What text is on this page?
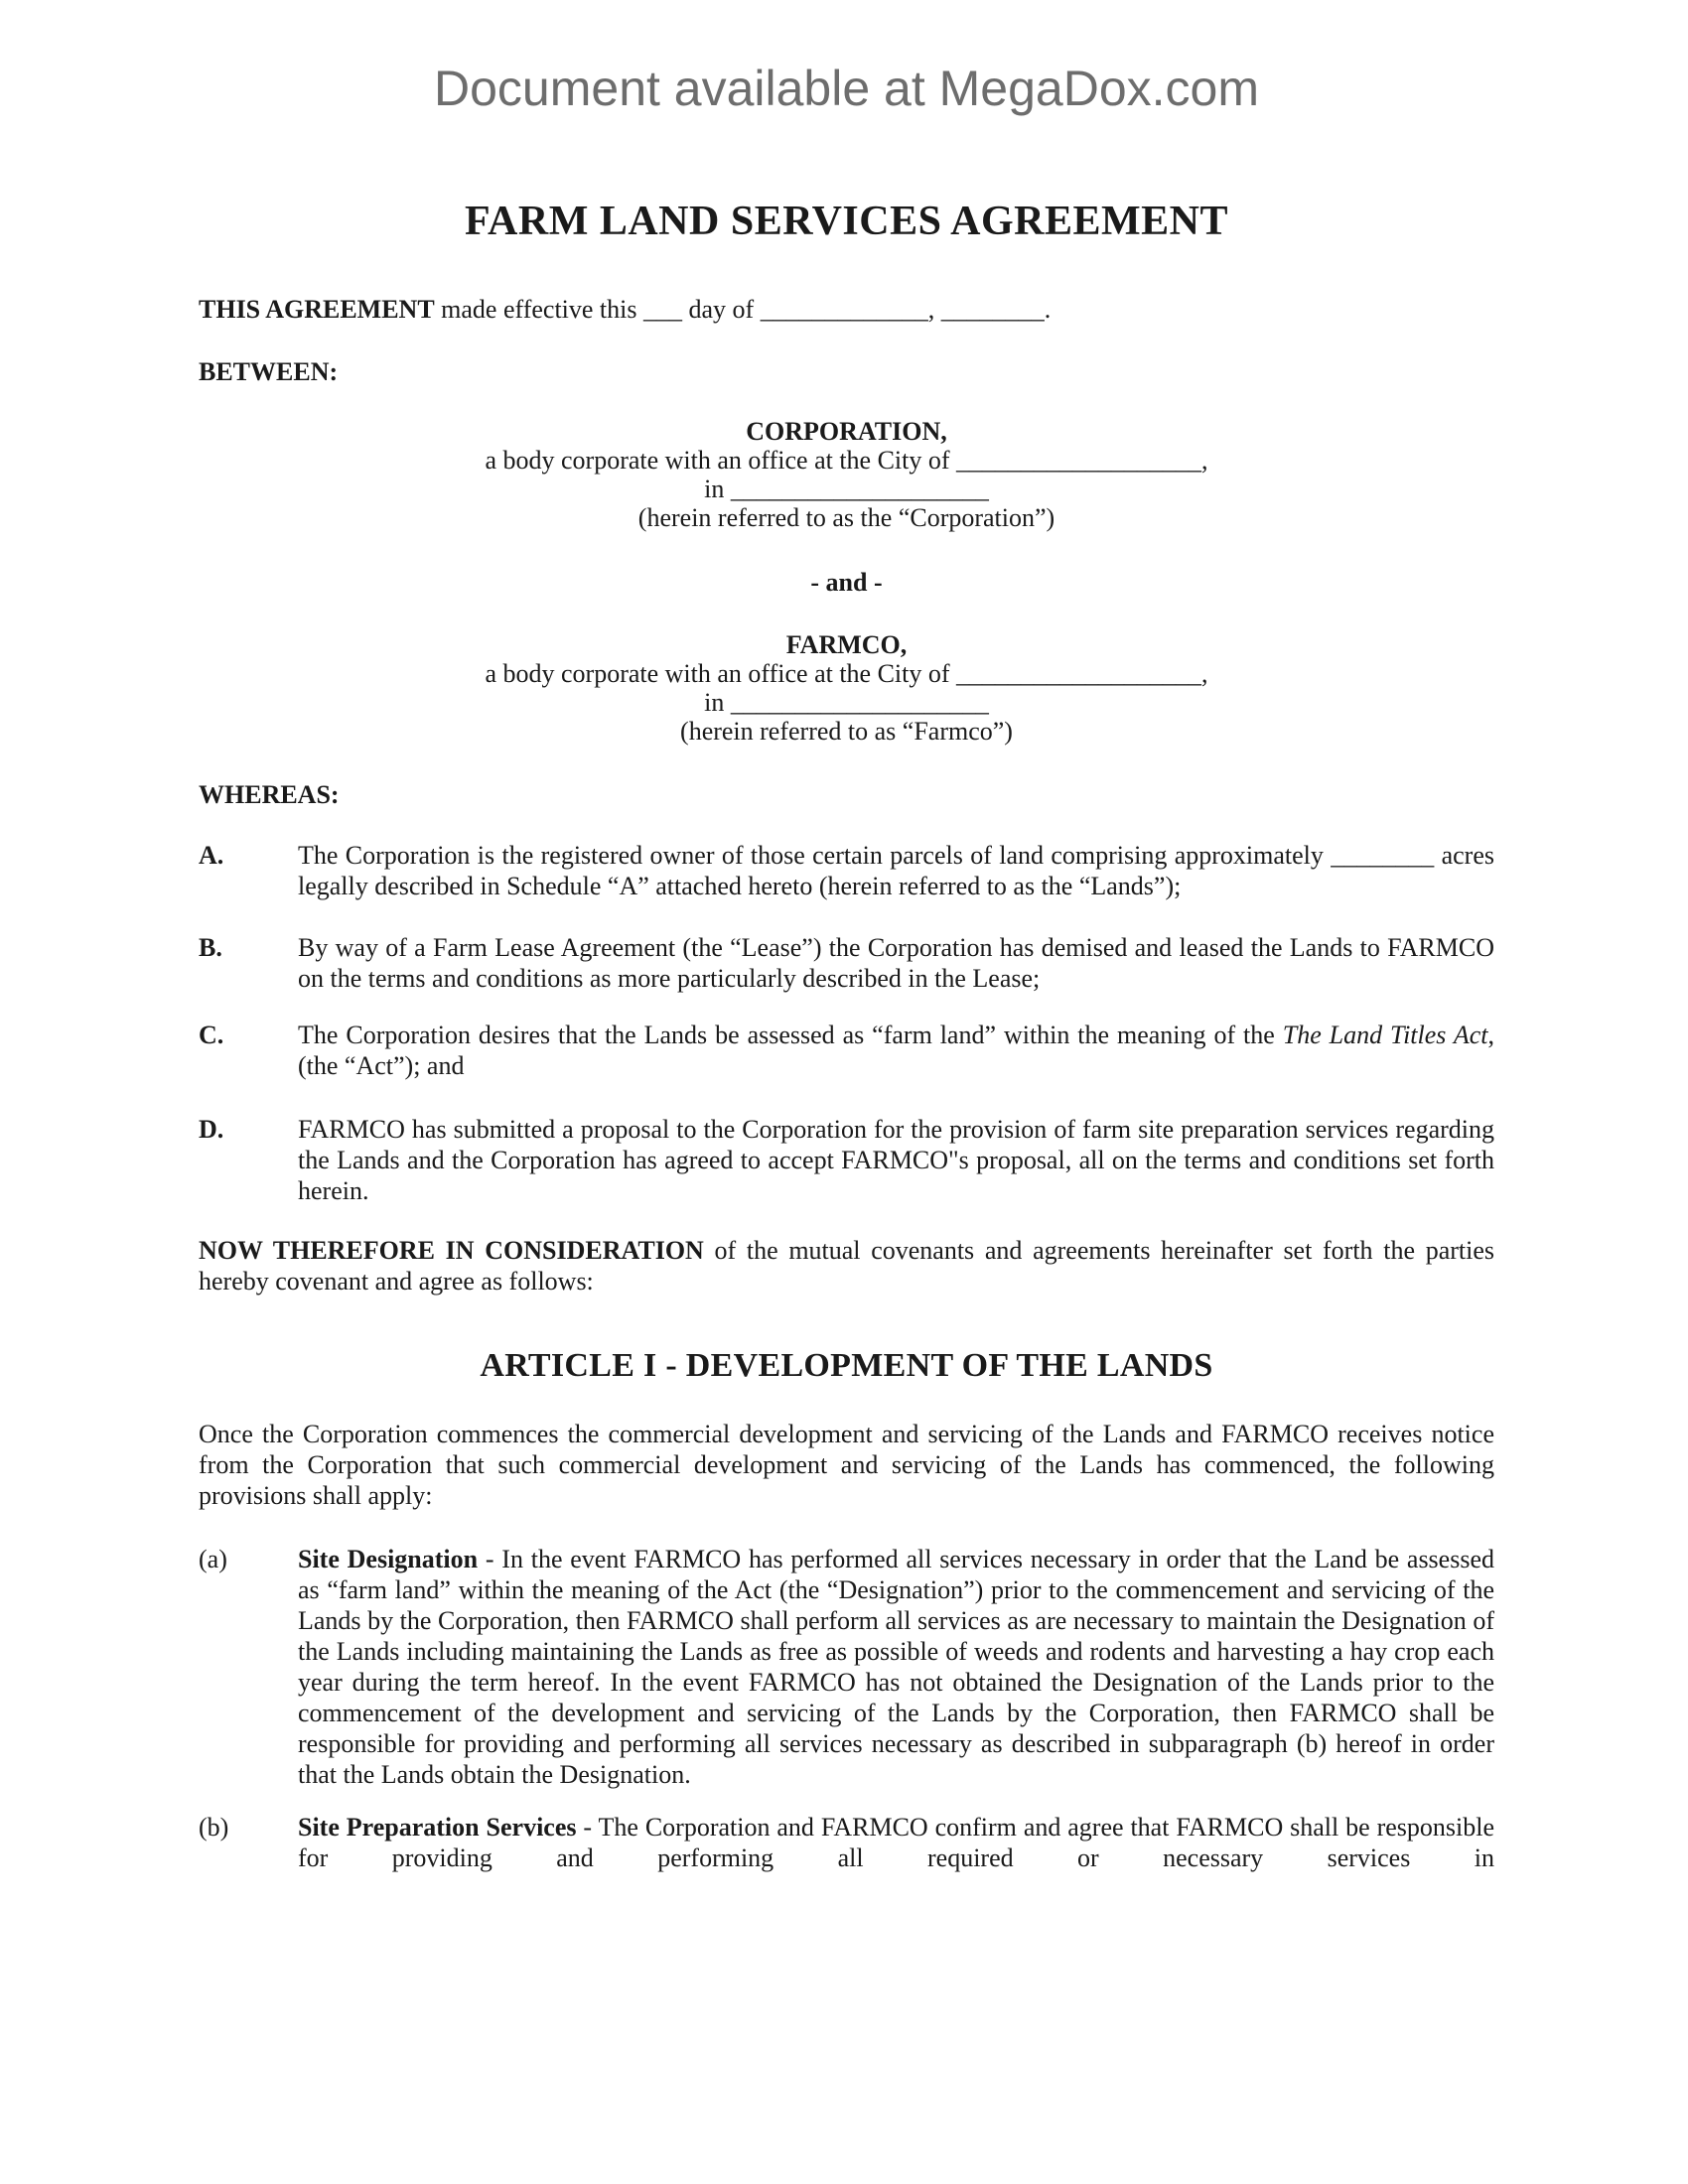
Document available at MegaDox.com
FARM LAND SERVICES AGREEMENT

THIS AGREEMENT made effective this ___ day of _____________, ________.

BETWEEN:

CORPORATION,
a body corporate with an office at the City of ___________________,
in ____________________
(herein referred to as the “Corporation”)
- and -
FARMCO,
a body corporate with an office at the City of ___________________,
in ____________________
(herein referred to as “Farmco”)

WHEREAS:

A.	The Corporation is the registered owner of those certain parcels of land comprising approximately ________ acres legally described in Schedule “A” attached hereto (herein referred to as the “Lands”);
B.	By way of a Farm Lease Agreement (the “Lease”) the Corporation has demised and leased the Lands to FARMCO on the terms and conditions as more particularly described in the Lease;
C.	The Corporation desires that the Lands be assessed as “farm land” within the meaning of the The Land Titles Act, (the “Act”); and
D.	FARMCO has submitted a proposal to the Corporation for the provision of farm site preparation services regarding the Lands and the Corporation has agreed to accept FARMCO"s proposal, all on the terms and conditions set forth herein.

NOW THEREFORE IN CONSIDERATION of the mutual covenants and agreements hereinafter set forth the parties hereby covenant and agree as follows:

ARTICLE I - DEVELOPMENT OF THE LANDS

Once the Corporation commences the commercial development and servicing of the Lands and FARMCO receives notice from the Corporation that such commercial development and servicing of the Lands has commenced, the following provisions shall apply:

(a)	Site Designation - In the event FARMCO has performed all services necessary in order that the Land be assessed as “farm land” within the meaning of the Act (the “Designation”) prior to the commencement and servicing of the Lands by the Corporation, then FARMCO shall perform all services as are necessary to maintain the Designation of the Lands including maintaining the Lands as free as possible of weeds and rodents and harvesting a hay crop each year during the term hereof. In the event FARMCO has not obtained the Designation of the Lands prior to the commencement of the development and servicing of the Lands by the Corporation, then FARMCO shall be responsible for providing and performing all services necessary as described in subparagraph (b) hereof in order that the Lands obtain the Designation.
(b)	Site Preparation Services - The Corporation and FARMCO confirm and agree that FARMCO shall be responsible for providing and performing all required or necessary services in
